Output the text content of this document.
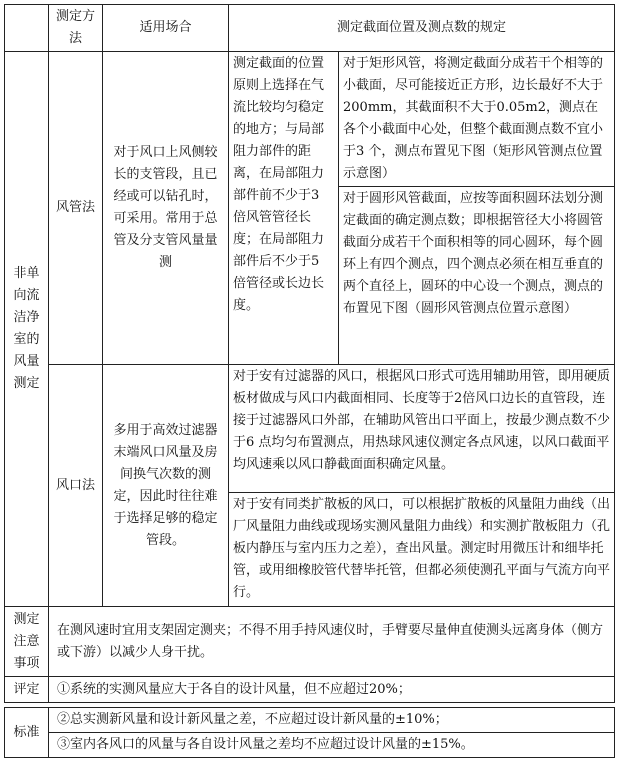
	测定方法	适用场合	测定截面位置及测点数的规定	
非单向流洁净室的风量测定	风管法	对于风口上风侧较长的支管段，且已经或可以钻孔时，可采用。常用于总管及分支管风量量测	测定截面的位置原则上选择在气流比较均匀稳定的地方；与局部阻力部件的距离，在局部阻力部件前不少于3 倍风管管径长度；在局部阻力部件后不少于5 倍管径或长边长度。	对于矩形风管，将测定截面分成若干个相等的小截面，尽可能接近正方形，边长最好不大于200mm，其截面积不大于0.05m2，测点在各个小截面中心处，但整个截面测点数不宜小于3 个，测点布置见下图（矩形风管测点位置示意图）
				对于圆形风管截面，应按等面积圆环法划分测定截面的确定测点数；即根据管径大小将圆管截面分成若干个面积相等的同心圆环，每个圆环上有四个测点，四个测点必须在相互垂直的两个直径上，圆环的中心设一个测点，测点的布置见下图（圆形风管测点位置示意图）
	风口法	多用于高效过滤器末端风口风量及房间换气次数的测定，因此时往往难于选择足够的稳定管段。	对于安有过滤器的风口，根据风口形式可选用辅助用管，即用硬质板材做成与风口内截面相同、长度等于2倍风口边长的直管段，连接于过滤器风口外部，在辅助风管出口平面上，按最少测点数不少于6 点均匀布置测点，用热球风速仪测定各点风速，以风口截面平均风速乘以风口静截面面积确定风量。	
			对于安有同类扩散板的风口，可以根据扩散板的风量阻力曲线（出厂风量阻力曲线或现场实测风量阻力曲线）和实测扩散板阻力（孔板内静压与室内压力之差），查出风量。测定时用微压计和细毕托管，或用细橡胶管代替毕托管，但都必须使测孔平面与气流方向平行。	
测定注意事项	在测风速时宜用支架固定测夹；不得不用手持风速仪时，手臂要尽量伸直使测头远离身体（侧方或下游）以减少人身干扰。			
评定	①系统的实测风量应大于各自的设计风量，但不应超过20%；			

标准	②总实测新风量和设计新风量之差，不应超过设计新风量的±10%；			
	③室内各风口的风量与各自设计风量之差均不应超过设计风量的±15%。			
